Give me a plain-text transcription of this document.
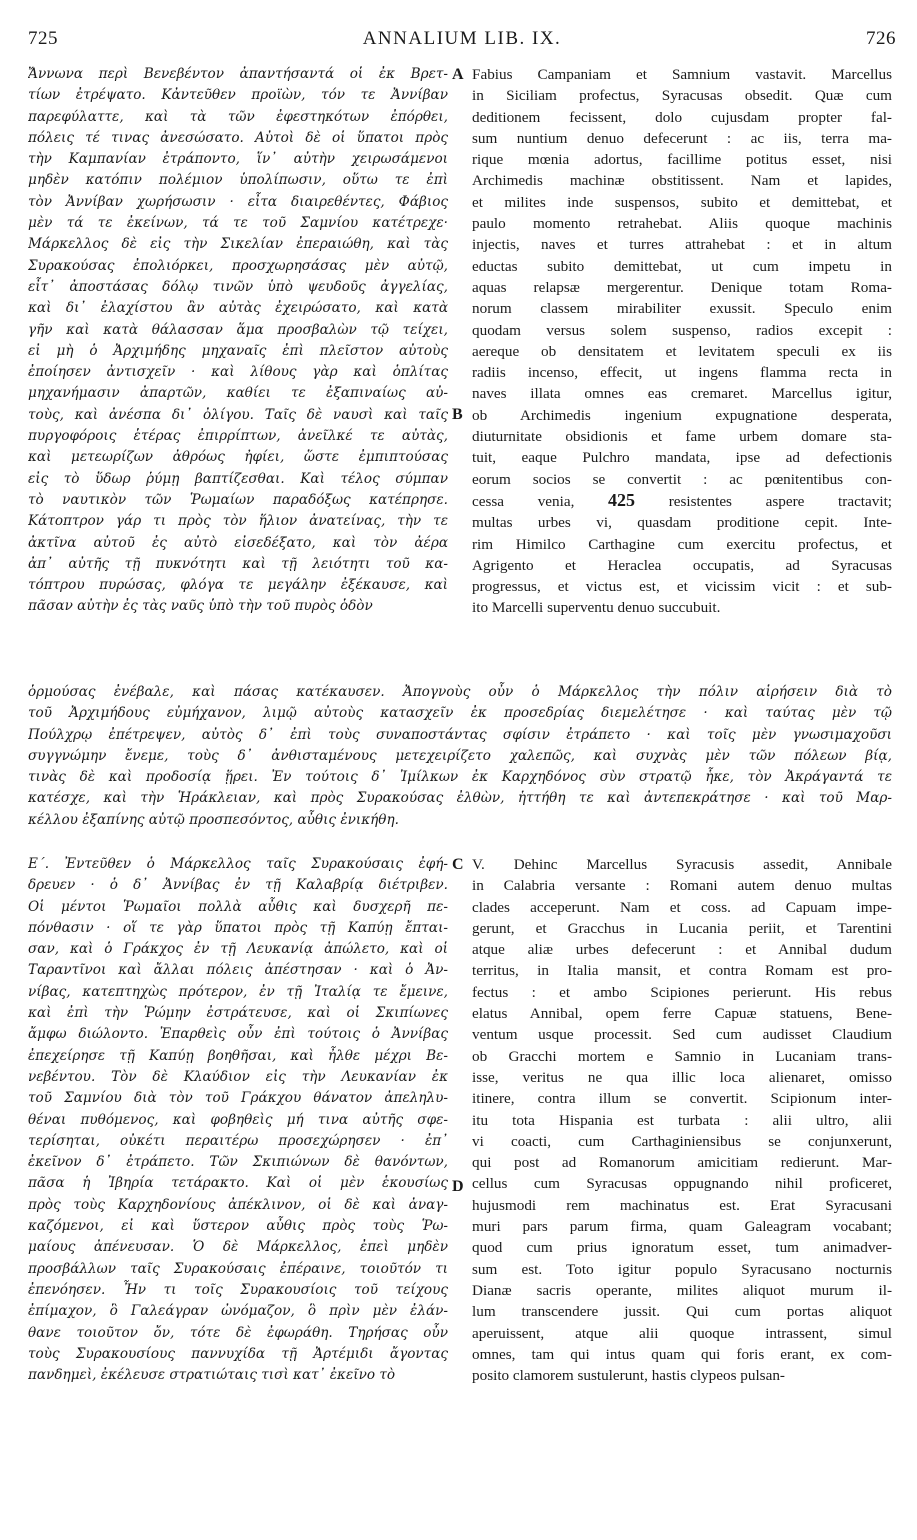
725	ANNALIUM LIB. IX.	726
Ἄννωνα περὶ Βενεβέντον ἀπαντήσαντά οἱ ἐκ Βρετ-
τίων ἐτρέψατο. Κἀντεῦθεν προϊὼν, τόν τε Ἀννίβαν
παρεφύλαττε, καὶ τὰ τῶν ἐφεστηκότων ἐπόρθει,
πόλεις τέ τινας ἀνεσώσατο. Αὐτοὶ δὲ οἱ ὕπατοι πρὸς
τὴν Καμπανίαν ἐτράποντο, ἵν᾽ αὐτὴν χειρωσάμενοι
μηδὲν κατόπιν πολέμιον ὑπολίπωσιν, οὕτω τε ἐπὶ
τὸν Ἀννίβαν χωρήσωσιν · εἶτα διαιρεθέντες, Φάβιος
μὲν τά τε ἐκείνων, τά τε τοῦ Σαμνίου κατέτρεχε·
Μάρκελλος δὲ εἰς τὴν Σικελίαν ἐπεραιώθη, καὶ τὰς
Συρακούσας ἐπολιόρκει, προσχωρησάσας μὲν αὐτῷ,
εἶτ᾽ ἀποστάσας δόλῳ τινῶν ὑπὸ ψευδοῦς ἀγγελίας,
καὶ δι᾽ ἐλαχίστου ἂν αὐτὰς ἐχειρώσατο, καὶ κατὰ
γῆν καὶ κατὰ θάλασσαν ἅμα προσβαλὼν τῷ τείχει,
εἰ μὴ ὁ Ἀρχιμήδης μηχαναῖς ἐπὶ πλεῖστον αὐτοὺς
ἐποίησεν ἀντισχεῖν · καὶ λίθους γὰρ καὶ ὁπλίτας
μηχανήμασιν ἀπαρτῶν, καθίει τε ἐξαπιναίως αὐ-
τοὺς, καὶ ἀνέσπα δι᾽ ὀλίγου. Ταῖς δὲ ναυσὶ καὶ ταῖς
πυργοφόροις ἑτέρας ἐπιρρίπτων, ἀνεῖλκέ τε αὐτὰς,
καὶ μετεωρίζων ἀθρόως ἠφίει, ὥστε ἐμπιπτούσας
εἰς τὸ ὕδωρ ῥύμῃ βαπτίζεσθαι. Καὶ τέλος σύμπαν
τὸ ναυτικὸν τῶν Ῥωμαίων παραδόξως κατέπρησε.
Κάτοπτρον γάρ τι πρὸς τὸν ἥλιον ἀνατείνας, τὴν τε
ἀκτῖνα αὐτοῦ ἐς αὐτὸ εἰσεδέξατο, καὶ τὸν ἀέρα
ἀπ᾽ αὐτῆς τῇ πυκνότητι καὶ τῇ λειότητι τοῦ κα-
τόπτρου πυρώσας, φλόγα τε μεγάλην ἐξέκαυσε, καὶ
πᾶσαν αὐτὴν ἐς τὰς ναῦς ὑπὸ τὴν τοῦ πυρὸς ὁδὸν
Fabius Campaniam et Samnium vastavit. Marcellus
in Siciliam profectus, Syracusas obsedit. Quæ cum
deditionem fecissent, dolo cujusdam propter fal-
sum nuntium denuo defecerunt : ac iis, terra ma-
rique mœnia adortus, facillime potitus esset, nisi
Archimedis machinæ obstitissent. Nam et lapides,
et milites inde suspensos, subito et demittebat, et
paulo momento retrahebat. Aliis quoque machinis
injectis, naves et turres attrahebat : et in altum
eductas subito demittebat, ut cum impetu in
aquas relapsæ mergerentur. Denique totam Roma-
norum classem mirabiliter exussit. Speculo enim
quodam versus solem suspenso, radios excepit :
aereque ob densitatem et levitatem speculi ex iis
radiis incenso, effecit, ut ingens flamma recta in
naves illata omnes eas cremaret. Marcellus igitur,
ob Archimedis ingenium expugnatione desperata,
diuturnitate obsidionis et fame urbem domare sta-
tuit, eaque Pulchro mandata, ipse ad defectionis
eorum socios se convertit : ac pœnitentibus con-
cessa venia, 425 resistentes aspere tractavit;
multas urbes vi, quasdam proditione cepit. Inte-
rim Himilco Carthagine cum exercitu profectus, et
Agrigento et Heraclea occupatis, ad Syracusas
progressus, et victus est, et vicissim vicit : et sub-
ito Marcelli superventu denuo succubuit.
ὁρμούσας ἐνέβαλε, καὶ πάσας κατέκαυσεν. Ἀπογνοὺς οὖν ὁ Μάρκελλος τὴν πόλιν αἱρήσειν διὰ τὸ
τοῦ Ἀρχιμήδους εὐμήχανον, λιμῷ αὐτοὺς κατασχεῖν ἐκ προσεδρίας διεμελέτησε · καὶ ταύτας μὲν τῷ
Πούλχρῳ ἐπέτρεψεν, αὐτὸς δ᾽ ἐπὶ τοὺς συναποστάντας σφίσιν ἐτράπετο · καὶ τοῖς μὲν γνωσιμαχοῦσι
συγγνώμην ἔνεμε, τοὺς δ᾽ ἀνθισταμένους μετεχειρίζετο χαλεπῶς, καὶ συχνὰς μὲν τῶν πόλεων βίᾳ,
τινὰς δὲ καὶ προδοσίᾳ ᾕρει. Ἐν τούτοις δ᾽ Ἰμίλκων ἐκ Καρχηδόνος σὺν στρατῷ ἧκε, τὸν Ἀκράγαντά τε
κατέσχε, καὶ τὴν Ἡράκλειαν, καὶ πρὸς Συρακούσας ἐλθὼν, ἡττήθη τε καὶ ἀντεπεκράτησε · καὶ τοῦ Μαρ-
κέλλου ἐξαπίνης αὐτῷ προσπεσόντος, αὖθις ἐνικήθη.
Ε΄. Ἐντεῦθεν ὁ Μάρκελλος ταῖς Συρακούσαις ἐφή-
δρευεν · ὁ δ᾽ Ἀννίβας ἐν τῇ Καλαβρίᾳ διέτριβεν.
Οἱ μέντοι Ῥωμαῖοι πολλὰ αὖθις καὶ δυσχερῆ πε-
πόνθασιν · οἵ τε γὰρ ὕπατοι πρὸς τῇ Καπύῃ ἔπται-
σαν, καὶ ὁ Γράκχος ἐν τῇ Λευκανίᾳ ἀπώλετο, καὶ οἱ
Ταραντῖνοι καὶ ἄλλαι πόλεις ἀπέστησαν · καὶ ὁ Ἀν-
νίβας, κατεπτηχὼς πρότερον, ἐν τῇ Ἰταλίᾳ τε ἔμεινε,
καὶ ἐπὶ τὴν Ῥώμην ἐστράτευσε, καὶ οἱ Σκιπίωνες
ἄμφω διώλοντο. Ἐπαρθεὶς οὖν ἐπὶ τούτοις ὁ Ἀννίβας
ἐπεχείρησε τῇ Καπύῃ βοηθῆσαι, καὶ ἦλθε μέχρι Βε-
νεβέντου. Τὸν δὲ Κλαύδιον εἰς τὴν Λευκανίαν ἐκ
τοῦ Σαμνίου διὰ τὸν τοῦ Γράκχου θάνατον ἀπεληλυ-
θέναι πυθόμενος, καὶ φοβηθεὶς μή τινα αὐτῆς σφε-
τερίσηται, οὐκέτι περαιτέρω προσεχώρησεν · ἐπ᾽
ἐκεῖνον δ᾽ ἐτράπετο. Τῶν Σκιπιώνων δὲ θανόντων,
πᾶσα ἡ Ἰβηρία τετάρακτο. Καὶ οἱ μὲν ἑκουσίως
πρὸς τοὺς Καρχηδονίους ἀπέκλινον, οἱ δὲ καὶ ἀναγ-
καζόμενοι, εἰ καὶ ὕστερον αὖθις πρὸς τοὺς Ῥω-
μαίους ἀπένευσαν. Ὁ δὲ Μάρκελλος, ἐπεὶ μηδὲν
προσβάλλων ταῖς Συρακούσαις ἐπέραινε, τοιοῦτόν τι
ἐπενόησεν. Ἦν τι τοῖς Συρακουσίοις τοῦ τείχους
ἐπίμαχον, ὃ Γαλεάγραν ὠνόμαζον, ὃ πρὶν μὲν ἐλάν-
θανε τοιοῦτον ὄν, τότε δὲ ἐφωράθη. Τηρήσας οὖν
τοὺς Συρακουσίους παννυχίδα τῇ Ἀρτέμιδι ἄγοντας
πανδημεὶ, ἐκέλευσε στρατιώταις τισὶ κατ᾽ ἐκεῖνο τὸ
V. Dehinc Marcellus Syracusis assedit, Annibale
in Calabria versante : Romani autem denuo multas
clades acceperunt. Nam et coss. ad Capuam impe-
gerunt, et Gracchus in Lucania periit, et Tarentini
atque aliæ urbes defecerunt : et Annibal dudum
territus, in Italia mansit, et contra Romam est pro-
fectus : et ambo Scipiones perierunt. His rebus
elatus Annibal, opem ferre Capuæ statuens, Bene-
ventum usque processit. Sed cum audisset Claudium
ob Gracchi mortem e Samnio in Lucaniam trans-
isse, veritus ne qua illic loca alienaret, omisso
itinere, contra illum se convertit. Scipionum inter-
itu tota Hispania est turbata : alii ultro, alii
vi coacti, cum Carthaginiensibus se conjunxerunt,
qui post ad Romanorum amicitiam redierunt. Mar-
cellus cum Syracusas oppugnando nihil proficeret,
hujusmodi rem machinatus est. Erat Syracusani
muri pars parum firma, quam Galeagram vocabant;
quod cum prius ignoratum esset, tum animadver-
sum est. Toto igitur populo Syracusano nocturnis
Dianæ sacris operante, milites aliquot murum il-
lum transcendere jussit. Qui cum portas aliquot
aperuissent, atque alii quoque intrassent, simul
omnes, tam qui intus quam qui foris erant, ex com-
posito clamorem sustulerunt, hastis clypeos pulsan-
A
B
C
D
